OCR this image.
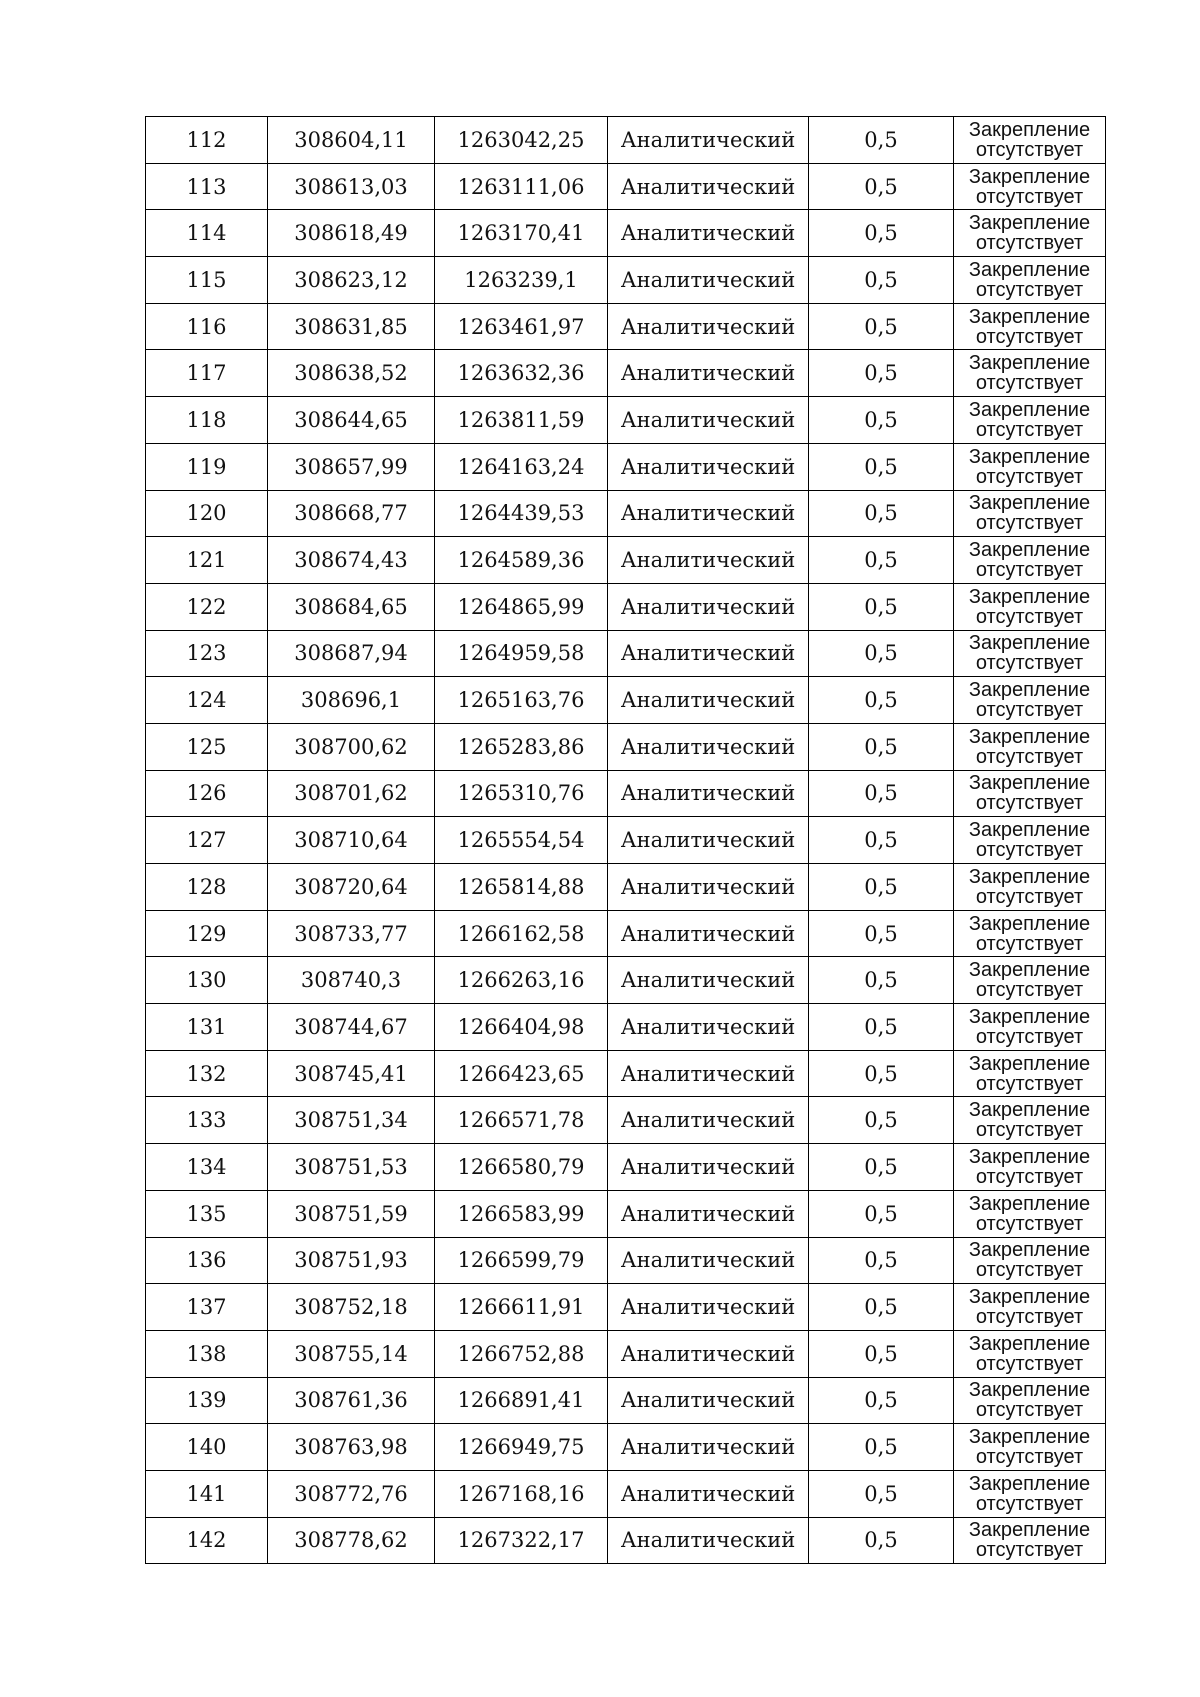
112	308604,11	1263042,25	Аналитический	0,5	Закрепление
отсутствует

113	308613,03	1263111,06	Аналитический	0,5	Закрепление
отсутствует

114	308618,49	1263170,41	Аналитический	0,5	Закрепление
отсутствует

115	308623,12	1263239,1	Аналитический	0,5	Закрепление
отсутствует

116	308631,85	1263461,97	Аналитический	0,5	Закрепление
отсутствует

117	308638,52	1263632,36	Аналитический	0,5	Закрепление
отсутствует

118	308644,65	1263811,59	Аналитический	0,5	Закрепление
отсутствует

119	308657,99	1264163,24	Аналитический	0,5	Закрепление
отсутствует

120	308668,77	1264439,53	Аналитический	0,5	Закрепление
отсутствует

121	308674,43	1264589,36	Аналитический	0,5	Закрепление
отсутствует

122	308684,65	1264865,99	Аналитический	0,5	Закрепление
отсутствует

123	308687,94	1264959,58	Аналитический	0,5	Закрепление
отсутствует

124	308696,1	1265163,76	Аналитический	0,5	Закрепление
отсутствует

125	308700,62	1265283,86	Аналитический	0,5	Закрепление
отсутствует

126	308701,62	1265310,76	Аналитический	0,5	Закрепление
отсутствует

127	308710,64	1265554,54	Аналитический	0,5	Закрепление
отсутствует

128	308720,64	1265814,88	Аналитический	0,5	Закрепление
отсутствует

129	308733,77	1266162,58	Аналитический	0,5	Закрепление
отсутствует

130	308740,3	1266263,16	Аналитический	0,5	Закрепление
отсутствует

131	308744,67	1266404,98	Аналитический	0,5	Закрепление
отсутствует

132	308745,41	1266423,65	Аналитический	0,5	Закрепление
отсутствует

133	308751,34	1266571,78	Аналитический	0,5	Закрепление
отсутствует

134	308751,53	1266580,79	Аналитический	0,5	Закрепление
отсутствует

135	308751,59	1266583,99	Аналитический	0,5	Закрепление
отсутствует

136	308751,93	1266599,79	Аналитический	0,5	Закрепление
отсутствует

137	308752,18	1266611,91	Аналитический	0,5	Закрепление
отсутствует

138	308755,14	1266752,88	Аналитический	0,5	Закрепление
отсутствует

139	308761,36	1266891,41	Аналитический	0,5	Закрепление
отсутствует

140	308763,98	1266949,75	Аналитический	0,5	Закрепление
отсутствует

141	308772,76	1267168,16	Аналитический	0,5	Закрепление
отсутствует

142	308778,62	1267322,17	Аналитический	0,5	Закрепление
отсутствует
